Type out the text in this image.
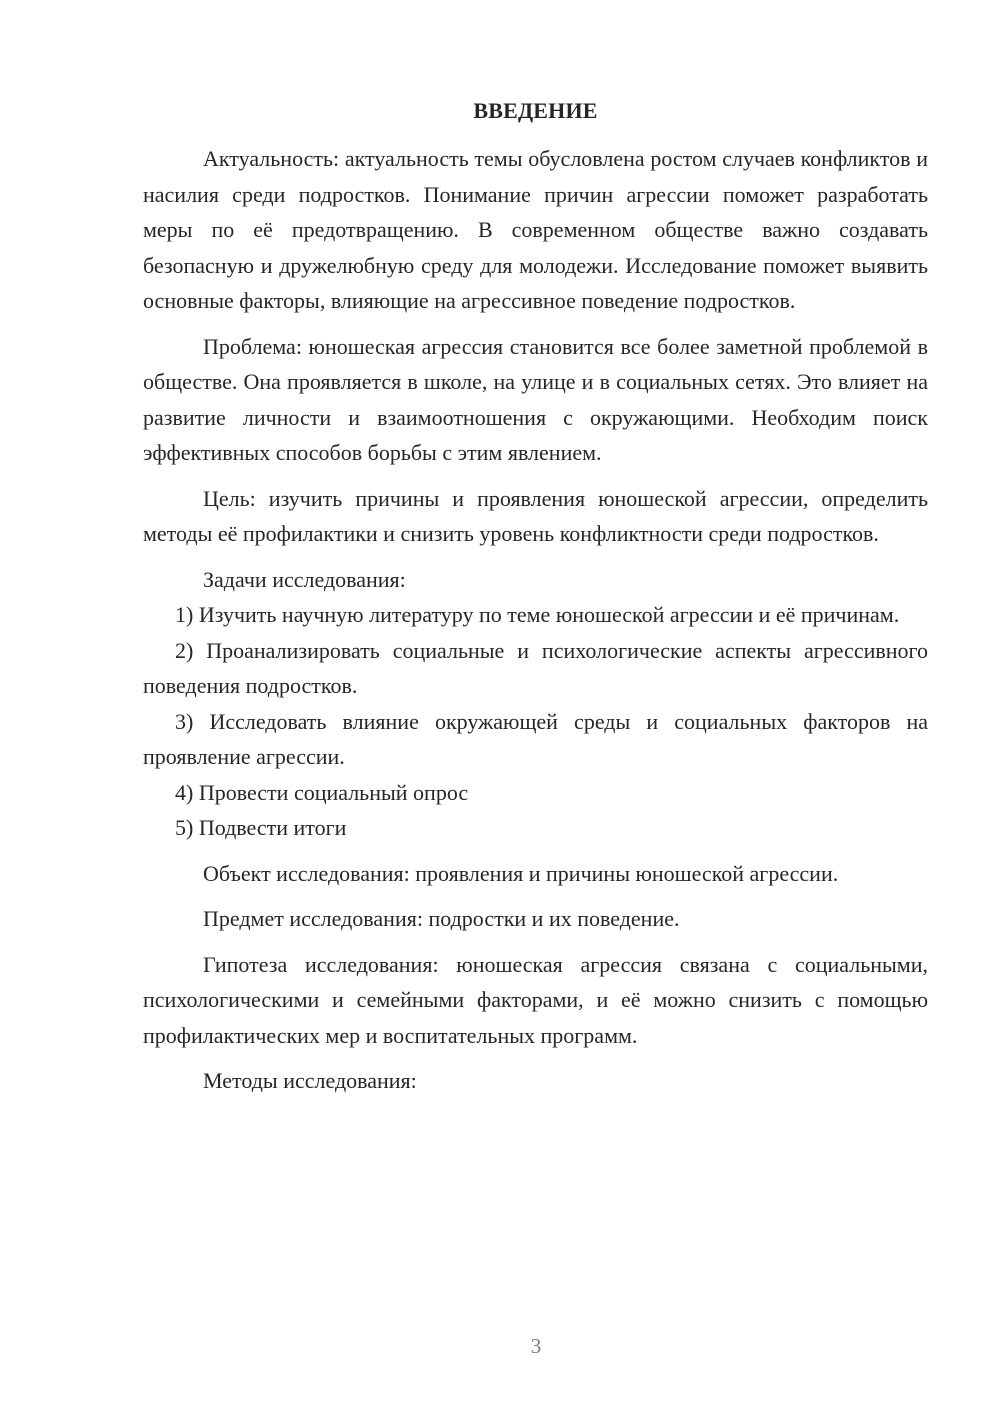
ВВЕДЕНИЕ

Актуальность: актуальность темы обусловлена ростом случаев конфликтов и насилия среди подростков. Понимание причин агрессии поможет разработать меры по её предотвращению. В современном обществе важно создавать безопасную и дружелюбную среду для молодежи. Исследование поможет выявить основные факторы, влияющие на агрессивное поведение подростков.

Проблема: юношеская агрессия становится все более заметной проблемой в обществе. Она проявляется в школе, на улице и в социальных сетях. Это влияет на развитие личности и взаимоотношения с окружающими. Необходим поиск эффективных способов борьбы с этим явлением.

Цель: изучить причины и проявления юношеской агрессии, определить методы её профилактики и снизить уровень конфликтности среди подростков.

Задачи исследования:

1) Изучить научную литературу по теме юношеской агрессии и её причинам.

2) Проанализировать социальные и психологические аспекты агрессивного поведения подростков.

3) Исследовать влияние окружающей среды и социальных факторов на проявление агрессии.

4) Провести социальный опрос

5) Подвести итоги

Объект исследования: проявления и причины юношеской агрессии.

Предмет исследования: подростки и их поведение.

Гипотеза исследования: юношеская агрессия связана с социальными, психологическими и семейными факторами, и её можно снизить с помощью профилактических мер и воспитательных программ.

Методы исследования:

3
